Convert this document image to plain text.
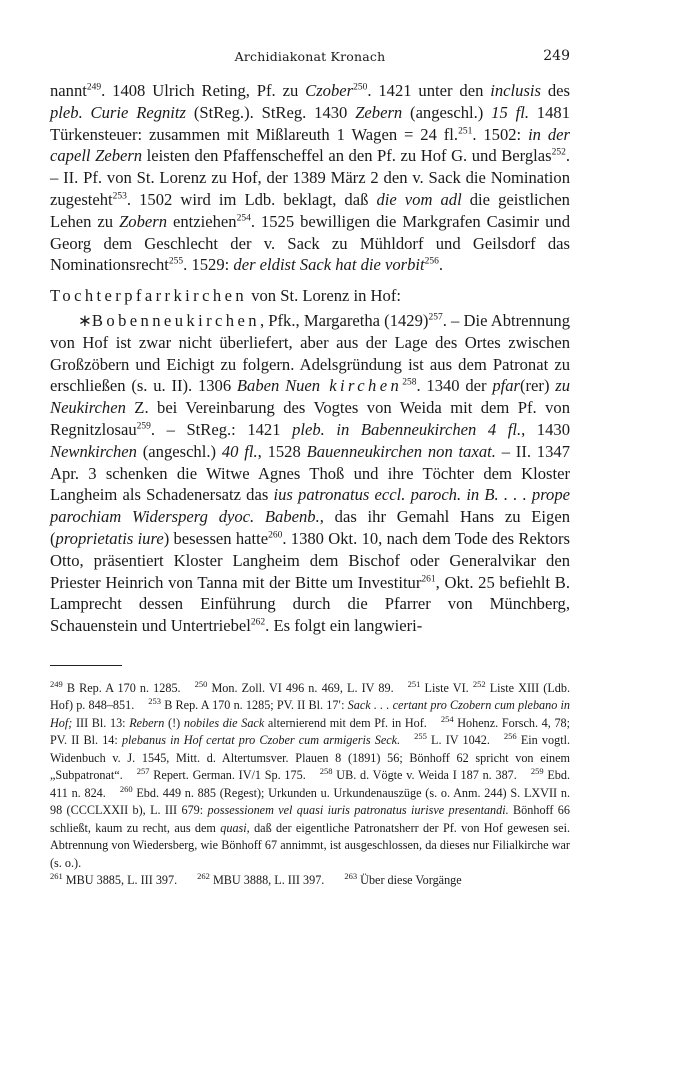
Archidiakonat Kronach	249

nannt$^{249}$. 1408 Ulrich Reting, Pf. zu Czober$^{250}$. 1421 unter den inclusis des pleb. Curie Regnitz (StReg.). StReg. 1430 Zebern (angeschl.) 15 fl. 1481 Türkensteuer: zusammen mit Mißlareuth 1 Wagen = 24 fl.$^{251}$. 1502: in der capell Zebern leisten den Pfaffenscheffel an den Pf. zu Hof G. und Berglas$^{252}$. – II. Pf. von St. Lorenz zu Hof, der 1389 März 2 den v. Sack die Nomination zugesteht$^{253}$. 1502 wird im Ldb. beklagt, daß die vom adl die geistlichen Lehen zu Zobern entziehen$^{254}$. 1525 bewilligen die Markgrafen Casimir und Georg dem Geschlecht der v. Sack zu Mühldorf und Geilsdorf das Nominationsrecht$^{255}$. 1529: der eldist Sack hat die vorbit$^{256}$.

Tochterpfarrkirchen von St. Lorenz in Hof:

∗Bobenneukirchen, Pfk., Margaretha $(1429)^{257}$. – Die Abtrennung von Hof ist zwar nicht überliefert, aber aus der Lage des Ortes zwischen Großzöbern und Eichigt zu folgern. Adelsgründung ist aus dem Patronat zu erschließen (s. u. II). 1306 Baben Nuen kirchen$^{258}$. 1340 der pfar(rer) zu Neukirchen Z. bei Vereinbarung des Vogtes von Weida mit dem Pf. von Regnitzlosau$^{259}$. – StReg.: 1421 pleb. in Babenneukirchen 4 fl., 1430 Newnkirchen (angeschl.) 40 fl., 1528 Bauenneukirchen non taxat. – II. 1347 Apr. 3 schenken die Witwe Agnes Thoß und ihre Töchter dem Kloster Langheim als Schadenersatz das ius patronatus eccl. paroch. in B. . . . prope parochiam Widersperg dyoc. Babenb., das ihr Gemahl Hans zu Eigen (proprietatis iure) besessen hatte$^{260}$. 1380 Okt. 10, nach dem Tode des Rektors Otto, präsentiert Kloster Langheim dem Bischof oder Generalvikar den Priester Heinrich von Tanna mit der Bitte um Investitur$^{261}$, Okt. 25 befiehlt B. Lamprecht dessen Einführung durch die Pfarrer von Münchberg, Schauenstein und Untertriebel$^{262}$. Es folgt ein langwieri-

$^{249}$ B Rep. A 170 n. 1285. $^{250}$ Mon. Zoll. VI 496 n. 469, L. IV 89. $^{251}$ Liste VI. $^{252}$ Liste XIII (Ldb. Hof) p. 848–851. $^{253}$ B Rep. A 170 n. 1285; PV. II Bl. 17′: Sack . . . certant pro Czobern cum plebano in Hof; III Bl. 13: Rebern (!) nobiles die Sack alternierend mit dem Pf. in Hof. $^{254}$ Hohenz. Forsch. 4, 78; PV. II Bl. 14: plebanus in Hof certat pro Czober cum armigeris Seck. $^{255}$ L. IV 1042. $^{256}$ Ein vogtl. Widenbuch v. J. 1545, Mitt. d. Altertumsver. Plauen 8 (1891) 56; Bönhoff 62 spricht von einem „Subpatronat“. $^{257}$ Repert. German. IV/1 Sp. 175. $^{258}$ UB. d. Vögte v. Weida I 187 n. 387. $^{259}$ Ebd. 411 n. 824. $^{260}$ Ebd. 449 n. 885 (Regest); Urkunden u. Urkundenauszüge (s. o. Anm. 244) S. LXVII n. 98 (CCCLXXII b), L. III 679: possessionem vel quasi iuris patronatus iurisve presentandi. Bönhoff 66 schließt, kaum zu recht, aus dem quasi, daß der eigentliche Patronatsherr der Pf. von Hof gewesen sei. Abtrennung von Wiedersberg, wie Bönhoff 67 annimmt, ist ausgeschlossen, da dieses nur Filialkirche war (s. o.).

$^{261}$ MBU 3885, L. III 397. $^{262}$ MBU 3888, L. III 397. $^{263}$ Über diese Vorgänge
